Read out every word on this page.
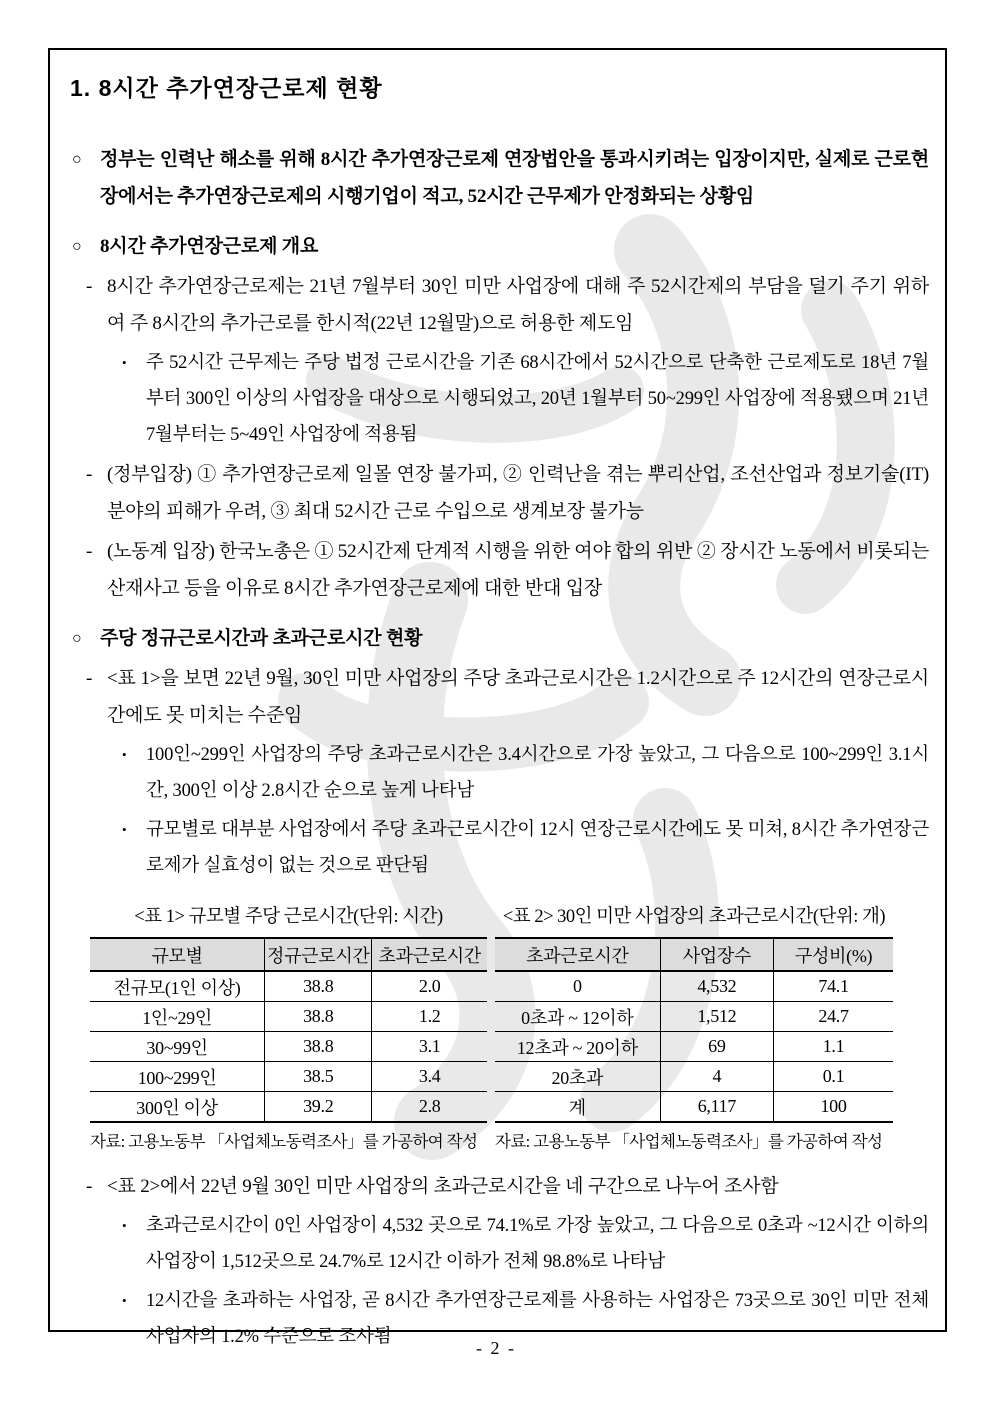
1. 8시간 추가연장근로제 현황
○ 정부는 인력난 해소를 위해 8시간 추가연장근로제 연장법안을 통과시키려는 입장이지만, 실제로 근로현장에서는 추가연장근로제의 시행기업이 적고, 52시간 근무제가 안정화되는 상황임
○ 8시간 추가연장근로제 개요
- 8시간 추가연장근로제는 21년 7월부터 30인 미만 사업장에 대해 주 52시간제의 부담을 덜기 주기 위하여 주 8시간의 추가근로를 한시적(22년 12월말)으로 허용한 제도임
• 주 52시간 근무제는 주당 법정 근로시간을 기존 68시간에서 52시간으로 단축한 근로제도로 18년 7월부터 300인 이상의 사업장을 대상으로 시행되었고, 20년 1월부터 50~299인 사업장에 적용됐으며 21년 7월부터는 5~49인 사업장에 적용됨
- (정부입장) ① 추가연장근로제 일몰 연장 불가피, ② 인력난을 겪는 뿌리산업, 조선산업과 정보기술(IT) 분야의 피해가 우려, ③ 최대 52시간 근로 수입으로 생계보장 불가능
- (노동계 입장) 한국노총은 ① 52시간제 단계적 시행을 위한 여야 합의 위반 ② 장시간 노동에서 비롯되는 산재사고 등을 이유로 8시간 추가연장근로제에 대한 반대 입장
○ 주당 정규근로시간과 초과근로시간 현황
- <표 1>을 보면 22년 9월, 30인 미만 사업장의 주당 초과근로시간은 1.2시간으로 주 12시간의 연장근로시간에도 못 미치는 수준임
• 100인~299인 사업장의 주당 초과근로시간은 3.4시간으로 가장 높았고, 그 다음으로 100~299인 3.1시간, 300인 이상 2.8시간 순으로 높게 나타남
• 규모별로 대부분 사업장에서 주당 초과근로시간이 12시 연장근로시간에도 못 미쳐, 8시간 추가연장근로제가 실효성이 없는 것으로 판단됨
<표 1> 규모별 주당 근로시간(단위: 시간)
규모별	정규근로시간	초과근로시간
전규모(1인 이상)	38.8	2.0
1인~29인	38.8	1.2
30~99인	38.8	3.1
100~299인	38.5	3.4
300인 이상	39.2	2.8
자료: 고용노동부 「사업체노동력조사」를 가공하여 작성
<표 2> 30인 미만 사업장의 초과근로시간(단위: 개)
초과근로시간	사업장수	구성비(%)
0	4,532	74.1
0초과 ~ 12이하	1,512	24.7
12초과 ~ 20이하	69	1.1
20초과	4	0.1
계	6,117	100
자료: 고용노동부 「사업체노동력조사」를 가공하여 작성
- <표 2>에서 22년 9월 30인 미만 사업장의 초과근로시간을 네 구간으로 나누어 조사함
• 초과근로시간이 0인 사업장이 4,532 곳으로 74.1%로 가장 높았고, 그 다음으로 0초과 ~12시간 이하의 사업장이 1,512곳으로 24.7%로 12시간 이하가 전체 98.8%로 나타남
• 12시간을 초과하는 사업장, 곧 8시간 추가연장근로제를 사용하는 사업장은 73곳으로 30인 미만 전체 사업자의 1.2% 수준으로 조사됨
- 2 -
